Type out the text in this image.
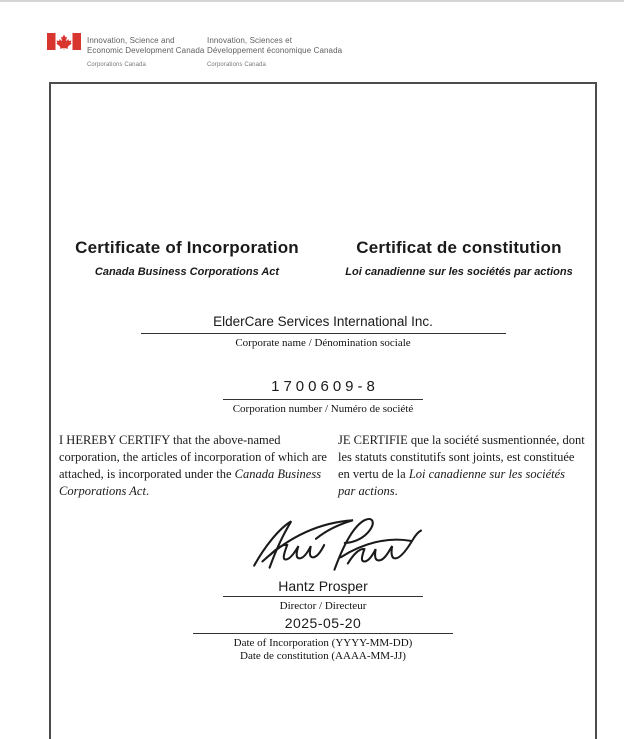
Innovation, Science and
Economic Development Canada
Corporations Canada
Innovation, Sciences et
Développement économique Canada
Corporations Canada
Certificate of Incorporation	Certificat de constitution
Canada Business Corporations Act	Loi canadienne sur les sociétés par actions
ElderCare Services International Inc.
Corporate name / Dénomination sociale
1700609-8
Corporation number / Numéro de société

I HEREBY CERTIFY that the above-named corporation, the articles of incorporation of which are attached, is incorporated under the Canada Business Corporations Act.

JE CERTIFIE que la société susmentionnée, dont les statuts constitutifs sont joints, est constituée en vertu de la Loi canadienne sur les sociétés par actions.

Hantz Prosper
Director / Directeur
2025-05-20
Date of Incorporation (YYYY-MM-DD)
Date de constitution (AAAA-MM-JJ)
